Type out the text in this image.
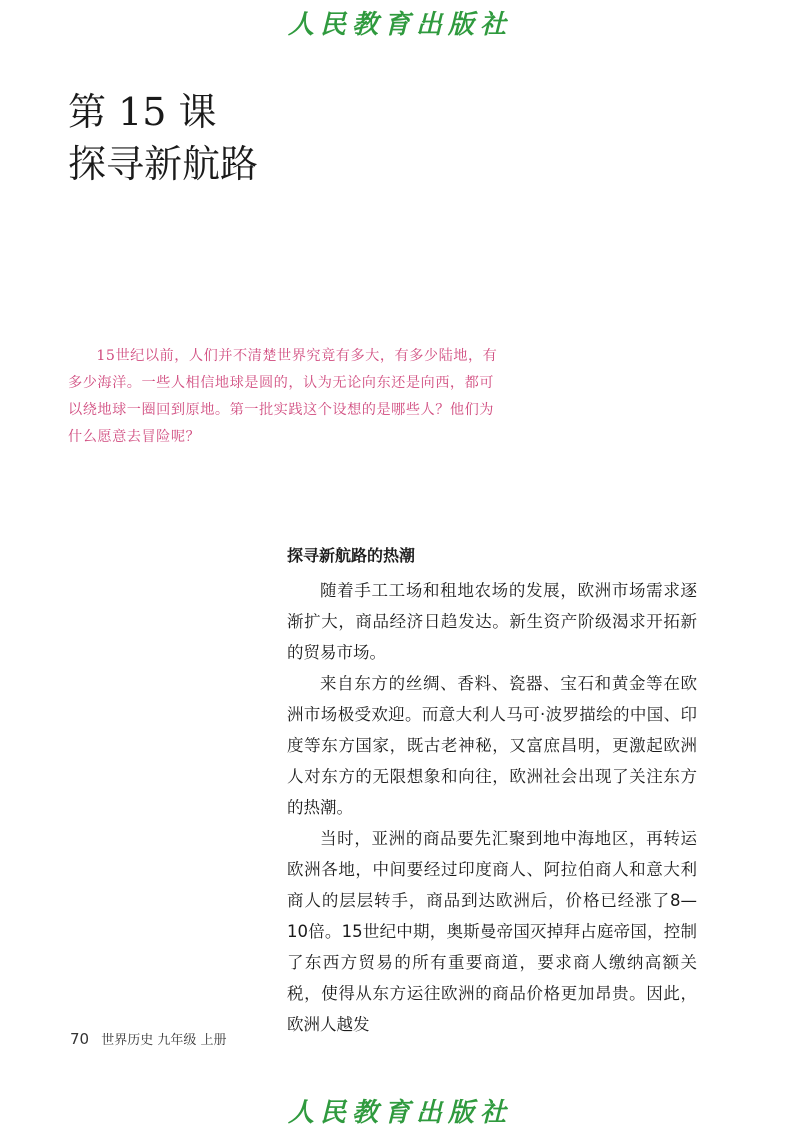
人民教育出版社
第 15 课
探寻新航路

15世纪以前，人们并不清楚世界究竟有多大，有多少陆地，有多少海洋。一些人相信地球是圆的，认为无论向东还是向西，都可以绕地球一圈回到原地。第一批实践这个设想的是哪些人？他们为什么愿意去冒险呢？

探寻新航路的热潮

随着手工工场和租地农场的发展，欧洲市场需求逐渐扩大，商品经济日趋发达。新生资产阶级渴求开拓新的贸易市场。

来自东方的丝绸、香料、瓷器、宝石和黄金等在欧洲市场极受欢迎。而意大利人马可·波罗描绘的中国、印度等东方国家，既古老神秘，又富庶昌明，更激起欧洲人对东方的无限想象和向往，欧洲社会出现了关注东方的热潮。

当时，亚洲的商品要先汇聚到地中海地区，再转运欧洲各地，中间要经过印度商人、阿拉伯商人和意大利商人的层层转手，商品到达欧洲后，价格已经涨了8—10倍。15世纪中期，奥斯曼帝国灭掉拜占庭帝国，控制了东西方贸易的所有重要商道，要求商人缴纳高额关税，使得从东方运往欧洲的商品价格更加昂贵。因此，欧洲人越发

70 世界历史 九年级 上册
人民教育出版社
